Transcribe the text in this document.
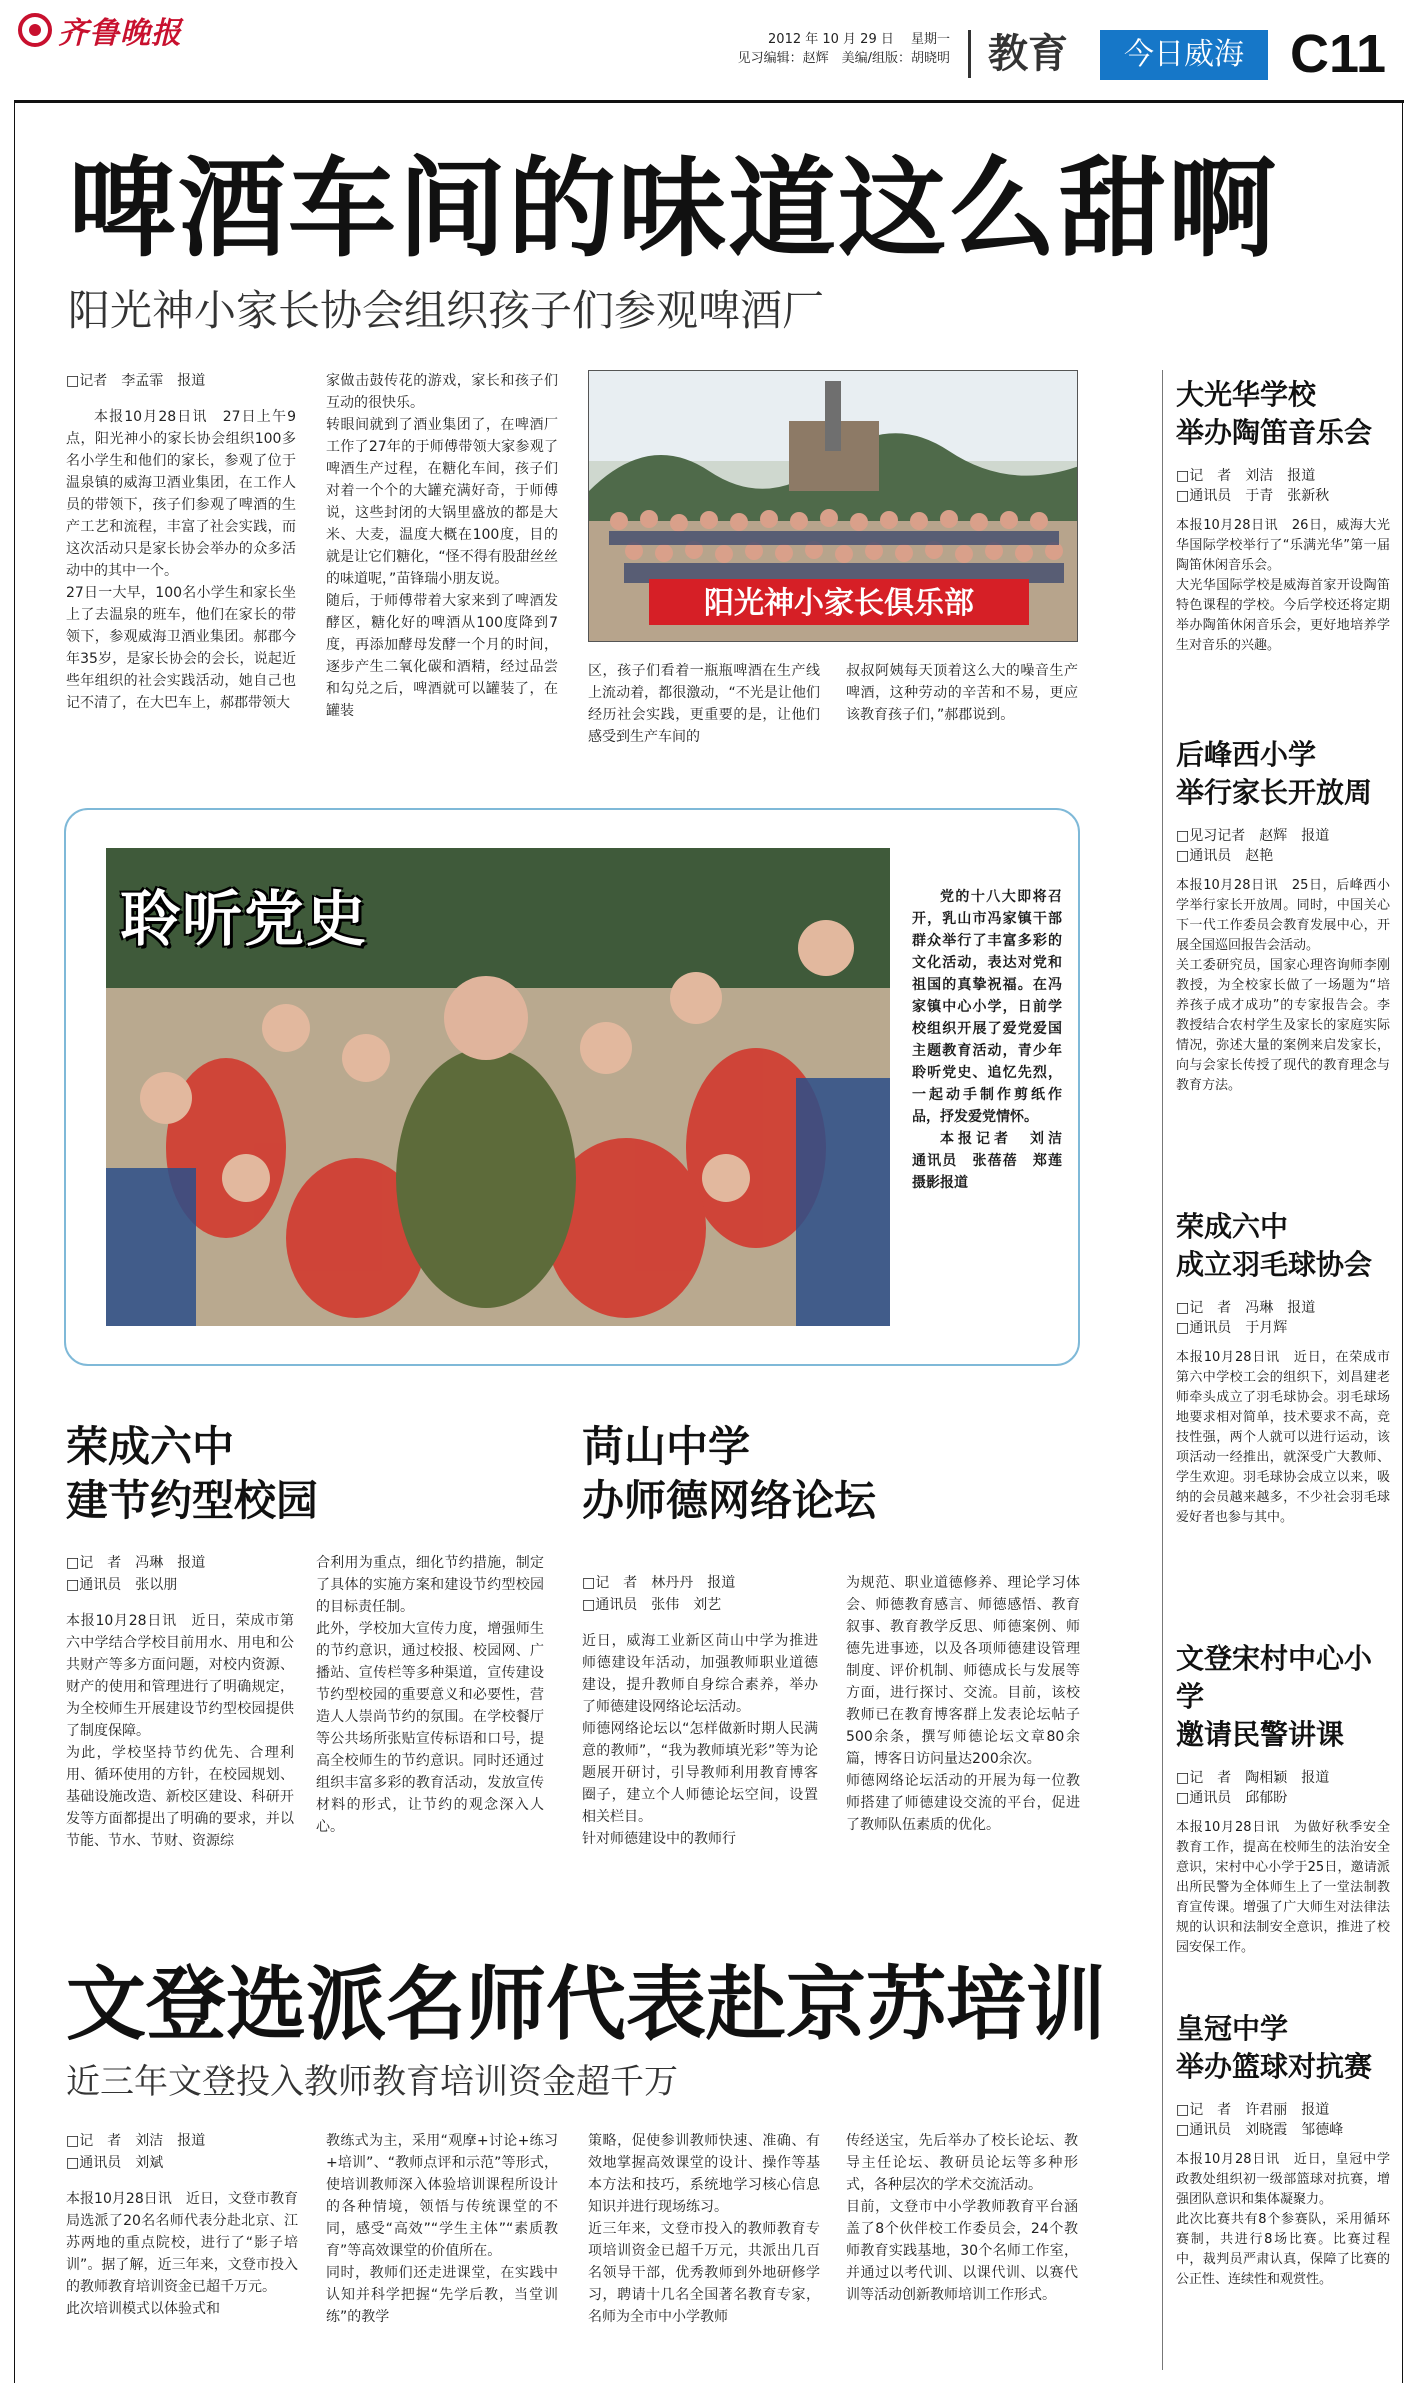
齐鲁晚报	2012 年 10 月 29 日 　星期一
见习编辑：赵辉　美编/组版：胡晓明 教育	今日威海 C11
啤酒车间的味道这么甜啊
阳光神小家长协会组织孩子们参观啤酒厂
□记者　李孟霏　报道
本报10月28日讯　27日上午9点，阳光神小的家长协会组织100多名小学生和他们的家长，参观了位于温泉镇的威海卫酒业集团，在工作人员的带领下，孩子们参观了啤酒的生产工艺和流程，丰富了社会实践，而这次活动只是家长协会举办的众多活动中的其中一个。
27日一大早，100名小学生和家长坐上了去温泉的班车，他们在家长的带领下，参观威海卫酒业集团。郝郡今年35岁，是家长协会的会长，说起近些年组织的社会实践活动，她自己也记不清了，在大巴车上，郝郡带领大
家做击鼓传花的游戏，家长和孩子们互动的很快乐。
转眼间就到了酒业集团了，在啤酒厂工作了27年的于师傅带领大家参观了啤酒生产过程，在糖化车间，孩子们对着一个个的大罐充满好奇，于师傅说，这些封闭的大锅里盛放的都是大米、大麦，温度大概在100度，目的就是让它们糖化，“怪不得有股甜丝丝的味道呢，”苗锋瑞小朋友说。
随后，于师傅带着大家来到了啤酒发酵区，糖化好的啤酒从100度降到7度，再添加酵母发酵一个月的时间，逐步产生二氧化碳和酒精，经过品尝和勾兑之后，啤酒就可以罐装了，在罐装
阳光神小家长俱乐部
区，孩子们看着一瓶瓶啤酒在生产线上流动着，都很激动，“不光是让他们经历社会实践，更重要的是，让他们感受到生产车间的
叔叔阿姨每天顶着这么大的噪音生产啤酒，这种劳动的辛苦和不易，更应该教育孩子们，”郝郡说到。
聆听党史	党的十八大即将召开，乳山市冯家镇干部群众举行了丰富多彩的文化活动，表达对党和祖国的真挚祝福。在冯家镇中心小学，日前学校组织开展了爱党爱国主题教育活动，青少年聆听党史、追忆先烈，一起动手制作剪纸作品，抒发爱党情怀。
本报记者　刘洁　通讯员　张蓓蓓　郑莲　摄影报道
荣成六中
建节约型校园
□记　者　冯琳　报道
□通讯员　张以朋
本报10月28日讯　近日，荣成市第六中学结合学校目前用水、用电和公共财产等多方面问题，对校内资源、财产的使用和管理进行了明确规定，为全校师生开展建设节约型校园提供了制度保障。
为此，学校坚持节约优先、合理利用、循环使用的方针，在校园规划、基础设施改造、新校区建设、科研开发等方面都提出了明确的要求，并以节能、节水、节财、资源综
合利用为重点，细化节约措施，制定了具体的实施方案和建设节约型校园的目标责任制。
此外，学校加大宣传力度，增强师生的节约意识，通过校报、校园网、广播站、宣传栏等多种渠道，宣传建设节约型校园的重要意义和必要性，营造人人崇尚节约的氛围。在学校餐厅等公共场所张贴宣传标语和口号，提高全校师生的节约意识。同时还通过组织丰富多彩的教育活动，发放宣传材料的形式，让节约的观念深入人心。
苘山中学
办师德网络论坛
□记　者　林丹丹　报道
□通讯员　张伟　刘艺
近日，威海工业新区苘山中学为推进师德建设年活动，加强教师职业道德建设，提升教师自身综合素养，举办了师德建设网络论坛活动。
师德网络论坛以“怎样做新时期人民满意的教师”，“我为教师填光彩”等为论题展开研讨，引导教师利用教育博客圈子，建立个人师德论坛空间，设置相关栏目。
针对师德建设中的教师行
为规范、职业道德修养、理论学习体会、师德教育感言、师德感悟、教育叙事、教育教学反思、师德案例、师德先进事迹，以及各项师德建设管理制度、评价机制、师德成长与发展等方面，进行探讨、交流。目前，该校教师已在教育博客群上发表论坛帖子500余条，撰写师德论坛文章80余篇，博客日访问量达200余次。
师德网络论坛活动的开展为每一位教师搭建了师德建设交流的平台，促进了教师队伍素质的优化。
文登选派名师代表赴京苏培训
近三年文登投入教师教育培训资金超千万
□记　者　刘洁　报道
□通讯员　刘斌
本报10月28日讯　近日，文登市教育局选派了20名名师代表分赴北京、江苏两地的重点院校，进行了“影子培训”。据了解，近三年来，文登市投入的教师教育培训资金已超千万元。
此次培训模式以体验式和
教练式为主，采用“观摩+讨论+练习+培训”、“教师点评和示范”等形式，使培训教师深入体验培训课程所设计的各种情境，领悟与传统课堂的不同，感受“高效”“学生主体”“素质教育”等高效课堂的价值所在。
同时，教师们还走进课堂，在实践中认知并科学把握“先学后教，当堂训练”的教学
策略，促使参训教师快速、准确、有效地掌握高效课堂的设计、操作等基本方法和技巧，系统地学习核心信息知识并进行现场练习。
近三年来，文登市投入的教师教育专项培训资金已超千万元，共派出几百名领导干部，优秀教师到外地研修学习，聘请十几名全国著名教育专家，名师为全市中小学教师
传经送宝，先后举办了校长论坛、教导主任论坛、教研员论坛等多种形式，各种层次的学术交流活动。
目前，文登市中小学教师教育平台涵盖了8个伙伴校工作委员会，24个教师教育实践基地，30个名师工作室，并通过以考代训、以课代训、以赛代训等活动创新教师培训工作形式。
大光华学校
举办陶笛音乐会
□记　者　刘洁　报道
□通讯员　于青　张新秋
本报10月28日讯　26日，威海大光华国际学校举行了“乐满光华”第一届陶笛休闲音乐会。
大光华国际学校是威海首家开设陶笛特色课程的学校。今后学校还将定期举办陶笛休闲音乐会，更好地培养学生对音乐的兴趣。
后峰西小学
举行家长开放周
□见习记者　赵辉　报道
□通讯员　赵艳
本报10月28日讯　25日，后峰西小学举行家长开放周。同时，中国关心下一代工作委员会教育发展中心，开展全国巡回报告会活动。
关工委研究员，国家心理咨询师李刚教授，为全校家长做了一场题为“培养孩子成才成功”的专家报告会。李教授结合农村学生及家长的家庭实际情况，弥述大量的案例来启发家长，向与会家长传授了现代的教育理念与教育方法。
荣成六中
成立羽毛球协会
□记　者　冯琳　报道
□通讯员　于月辉
本报10月28日讯　近日，在荣成市第六中学校工会的组织下，刘昌建老师牵头成立了羽毛球协会。羽毛球场地要求相对简单，技术要求不高，竞技性强，两个人就可以进行运动，该项活动一经推出，就深受广大教师、学生欢迎。羽毛球协会成立以来，吸纳的会员越来越多，不少社会羽毛球爱好者也参与其中。
文登宋村中心小学
邀请民警讲课
□记　者　陶相颖　报道
□通讯员　邱郁盼
本报10月28日讯　为做好秋季安全教育工作，提高在校师生的法治安全意识，宋村中心小学于25日，邀请派出所民警为全体师生上了一堂法制教育宣传课。增强了广大师生对法律法规的认识和法制安全意识，推进了校园安保工作。
皇冠中学
举办篮球对抗赛
□记　者　许君丽　报道
□通讯员　刘晓霞　邹德峰
本报10月28日讯　近日，皇冠中学政教处组织初一级部篮球对抗赛，增强团队意识和集体凝聚力。
此次比赛共有8个参赛队，采用循环赛制，共进行8场比赛。比赛过程中，裁判员严肃认真，保障了比赛的公正性、连续性和观赏性。
